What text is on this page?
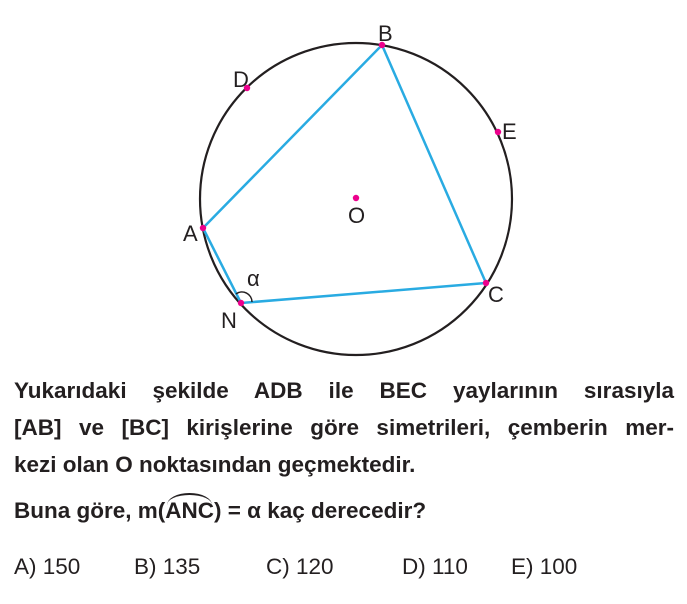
B
D
E
O
A
C
N
α
Yukarıdaki şekilde ADB ile BEC yaylarının sırasıyla
[AB] ve [BC] kirişlerine göre simetrileri, çemberin mer-
kezi olan O noktasından geçmektedir.
Buna göre, m(ANC) = α kaç derecedir?
A) 150 B) 135	C) 120	D) 110 E) 100
